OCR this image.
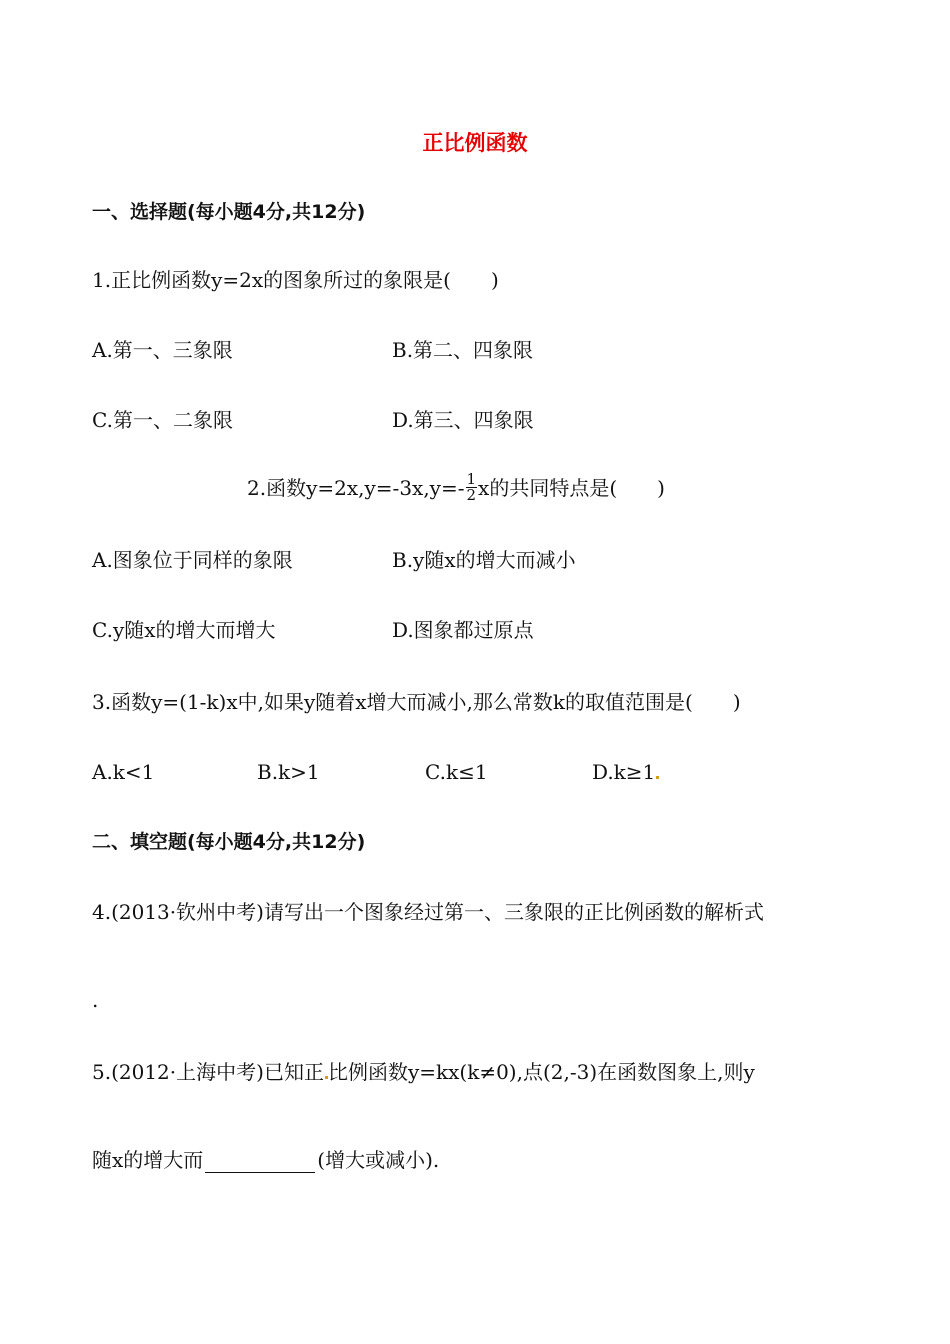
正比例函数
一、选择题(每小题4分,共12分)
1.正比例函数y=2x的图象所过的象限是(　　)
A.第一、三象限	B.第二、四象限
C.第一、二象限	D.第三、四象限
2.函数$y=2x,y=-3x,y=- \frac{1}{2}$ x的共同特点是(　　)
A.图象位于同样的象限	B.y随x的增大而减小
C.y随x的增大而增大	D.图象都过原点
3.函数y=(1-k)x中,如果y随着x增大而减小,那么常数k的取值范围是(　　)
A.k<1	B.k>1	C.k≤1	D.k≥1
二、填空题(每小题4分,共12分)
4.(2013·钦州中考)请写出一个图象经过第一、三象限的正比例函数的解析式
.
5.(2012·上海中考)已知正 比例函数y=kx(k≠0),点(2,-3)在函数图象上,则y
随x的增大而	(增大或减小).
